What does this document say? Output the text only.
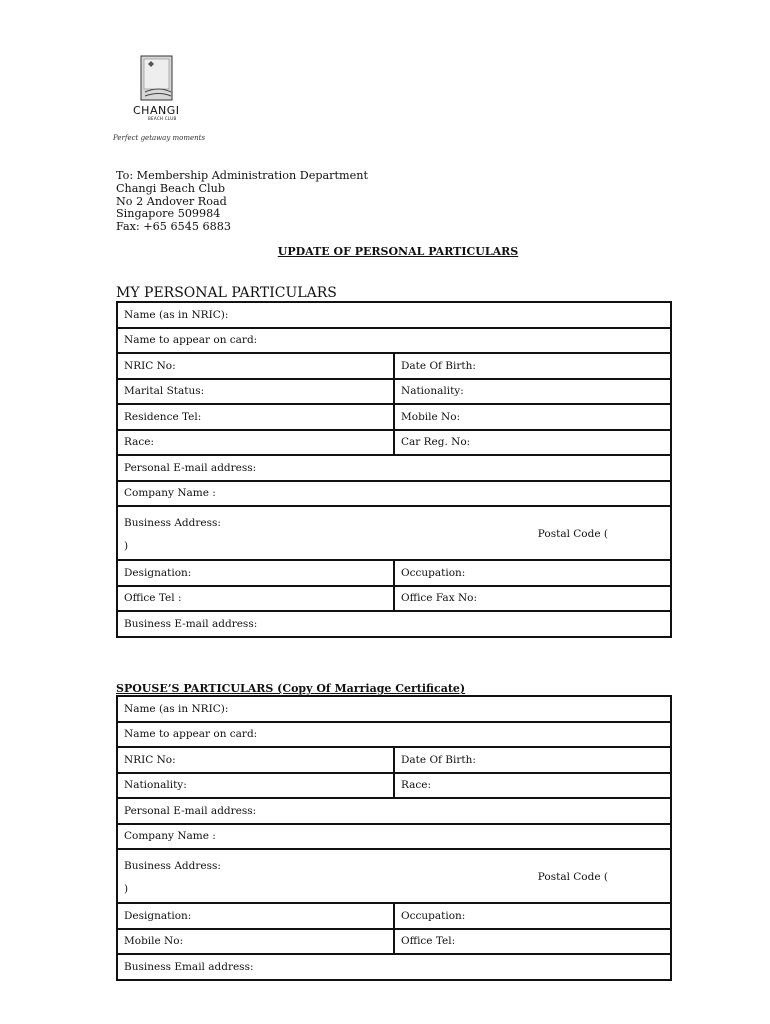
CHANGI
BEACH CLUB
Perfect getaway moments
To: Membership Administration Department
Changi Beach Club
No 2 Andover Road
Singapore 509984
Fax: +65 6545 6883
UPDATE OF PERSONAL PARTICULARS
MY PERSONAL PARTICULARS
Name (as in NRIC):	
Name to appear on card:	
NRIC No:	Date Of Birth:
Marital Status:	Nationality:
Residence Tel:	Mobile No:
Race:	Car Reg. No:
Personal E-mail address:	
Company Name :	

Business Address:
Postal Code (
)	

Designation:	Occupation:
Office Tel :	Office Fax No:
Business E-mail address:	
SPOUSE’S PARTICULARS (Copy Of Marriage Certificate)
Name (as in NRIC):	
Name to appear on card:	
NRIC No:	Date Of Birth:
Nationality:	Race:
Personal E-mail address:	
Company Name :	

Business Address:
Postal Code (
)	

Designation:	Occupation:
Mobile No:	Office Tel:
Business Email address:	
